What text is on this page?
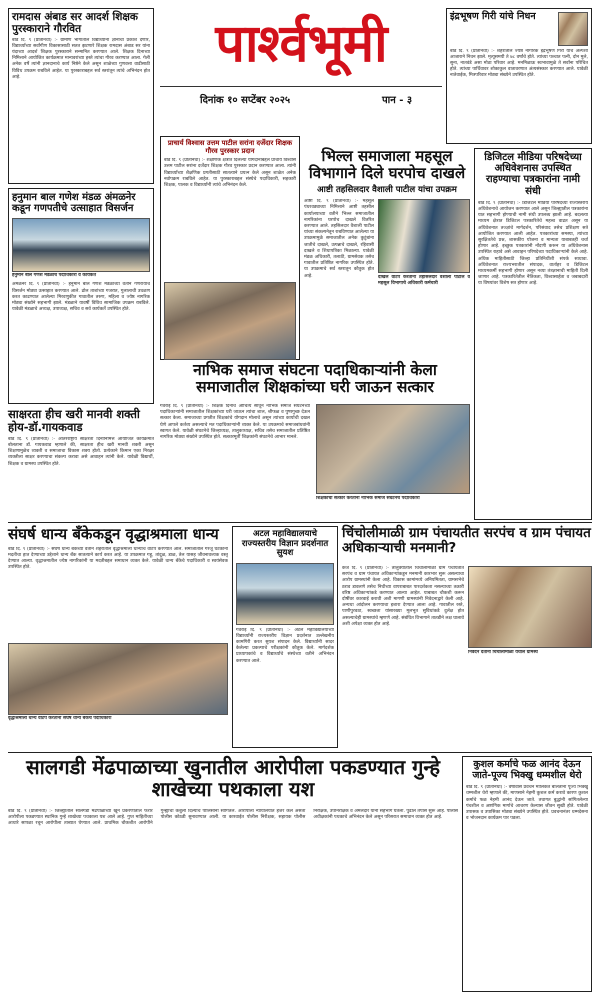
रामदास अंबाड सर आदर्श शिक्षक पुरस्काराने गौरवित
बीड दि. ९ (प्रतिनिधी) :- ग्रामीण भागातील विद्यार्थ्यांना ज्ञानाचा प्रकाश देणारे, विद्यार्थ्यांच्या सर्वांगीण विकासासाठी सतत झटणारे शिक्षक रामदास अंबाड सर यांना यंदाच्या आदर्श शिक्षक पुरस्काराने सन्मानित करण्यात आले. शिक्षक दिनाच्या निमित्ताने आयोजित कार्यक्रमात मान्यवरांच्या हस्ते त्यांचा गौरव करण्यात आला. गेली अनेक वर्षे त्यांनी ज्ञानदानाचे कार्य निष्ठेने केले असून शाळेच्या गुणवत्ता वाढीसाठी विविध उपक्रम राबविले आहेत. या पुरस्काराबद्दल सर्व स्तरांतून त्यांचे अभिनंदन होत आहे.
पार्श्वभूमी
दिनांक १० सप्टेंबर २०२५	पान - ३
इंद्रभूषण गिरी यांचे निधन
बीड दि. ९ (प्रतिनिधी) :- शहरातील ज्येष्ठ नागरिक इंद्रभूषण गिरी यांचे अल्पशा आजाराने निधन झाले. मृत्यूसमयी ते ७८ वर्षांचे होते. त्यांच्या पश्चात पत्नी, दोन मुले, सुना, नातवंडे असा मोठा परिवार आहे. मनमिळाऊ स्वभावामुळे ते सर्वांना परिचित होते. त्यांच्या पार्थिवावर शोकाकुल वातावरणात अंत्यसंस्कार करण्यात आले. यावेळी नातेवाईक, मित्रपरिवार मोठ्या संख्येने उपस्थित होते.
हनुमान बाल गणेश मंडळ अंमळनेर कडून गणपतीचे उत्साहात विसर्जन
हनुमान बाल गणेश मंडळाचे पदाधिकारी व कार्यकर्ते
अंमळनेर दि. ९ (प्रतिनिधी) :- हनुमान बाल गणेश मंडळाच्या वतीने गणरायाचे विसर्जन मोठ्या उत्साहात करण्यात आले. ढोल ताशांच्या गजरात, गुलालाची उधळण करत काढण्यात आलेल्या मिरवणुकीत गावातील तरुण, महिला व ज्येष्ठ नागरिक मोठ्या संख्येने सहभागी झाले. मंडळाने यावर्षी विविध सामाजिक उपक्रम राबविले. यावेळी मंडळाचे अध्यक्ष, उपाध्यक्ष, सचिव व सर्व कार्यकर्ते उपस्थित होते.
प्राचार्य विश्वास उत्तम पाटील सरांना दर्जेदार शिक्षक गौरव पुरस्कार प्रदान
बीड दि. ९ (प्रतिनिधी) :- शैक्षणिक क्षेत्रात दिलेल्या योगदानाबद्दल प्राचार्य विश्वास उत्तम पाटील सरांना दर्जेदार शिक्षक गौरव पुरस्कार प्रदान करण्यात आला. त्यांनी विद्यार्थ्यांच्या शैक्षणिक प्रगतीसाठी सातत्याने प्रयत्न केले असून शाळेत अनेक नवोपक्रम राबविले आहेत. या पुरस्काराबद्दल संस्थेचे पदाधिकारी, सहकारी शिक्षक, पालक व विद्यार्थ्यांनी त्यांचे अभिनंदन केले.
भिल्ल समाजाला महसूल विभागाने दिले घरपोच दाखले
आष्टी तहसिलदार वैशाली पाटील यांचा उपक्रम
आष्टी दि. ९ (प्रतिनिधी) :- महसूल पंधरवड्याच्या निमित्ताने आष्टी तहसील कार्यालयाच्या वतीने भिल्ल समाजातील नागरिकांना घरपोच दाखले वितरित करण्यात आले. तहसिलदार वैशाली पाटील यांच्या संकल्पनेतून राबविण्यात आलेल्या या उपक्रमामुळे समाजातील अनेक कुटुंबांना जातीचे दाखले, उत्पन्नाचे दाखले, रहिवासी दाखले व शिधापत्रिका मिळाल्या. यावेळी मंडळ अधिकारी, तलाठी, ग्रामसेवक तसेच गावातील प्रतिष्ठित नागरिक उपस्थित होते. या उपक्रमाचे सर्व स्तरातून कौतुक होत आहे.	दाखले वाटप करताना तहसिलदार वैशाली पाटील व महसूल विभागाचे अधिकारी कर्मचारी
डिजिटल मीडिया परिषदेच्या अधिवेशनास उपस्थित राहण्याचा पत्रकारांना नामी संधी
बीड दि. ९ (प्रतिनिधी) :- डिजिटल मीडिया परिषदेच्या राज्यस्तरीय अधिवेशनाचे आयोजन करण्यात आले असून जिल्ह्यातील पत्रकारांना यात सहभागी होण्याची नामी संधी उपलब्ध झाली आहे. बदलत्या माध्यम क्षेत्रात डिजिटल पत्रकारितेचे महत्त्व वाढत असून या अधिवेशनात तज्ज्ञांचे मार्गदर्शन, परिसंवाद तसेच प्रशिक्षण सत्रे आयोजित करण्यात आली आहेत. पत्रकारांच्या समस्या, त्यांच्या सुरक्षिततेचे प्रश्न, शासकीय योजना व मान्यता याबाबतही चर्चा होणार आहे. इच्छुक पत्रकारांनी नोंदणी करून या अधिवेशनास उपस्थित राहावे असे आवाहन परिषदेच्या पदाधिकाऱ्यांनी केले आहे. अधिक माहितीसाठी जिल्हा प्रतिनिधींशी संपर्क साधावा. अधिवेशनात राज्यभरातील संपादक, वार्ताहर व डिजिटल माध्यमकर्मी सहभागी होणार असून नव्या तंत्रज्ञानाची माहिती दिली जाणार आहे. पत्रकारितेतील नैतिकता, विश्वासार्हता व जबाबदारी या विषयांवर विशेष सत्र होणार आहे.
नाभिक समाज संघटना पदाधिकाऱ्यांनी केला समाजातील शिक्षकांच्या घरी जाऊन सत्कार
गेवराई दि. ९ (प्रतिनिधी) :- शिक्षक दिनाचे औचित्य साधून नाभिक समाज संघटनेच्या पदाधिकाऱ्यांनी समाजातील शिक्षकांच्या घरी जाऊन त्यांचा शाल, श्रीफळ व पुष्पगुच्छ देऊन सत्कार केला. समाजाच्या प्रगतीत शिक्षकांचे योगदान मोलाचे असून त्यांच्या कार्याची दखल घेणे आपले कर्तव्य असल्याचे मत पदाधिकाऱ्यांनी व्यक्त केले. या उपक्रमाचे समाजबांधवांनी स्वागत केले. यावेळी संघटनेचे जिल्हाध्यक्ष, तालुकाध्यक्ष, सचिव तसेच समाजातील प्रतिष्ठित नागरिक मोठ्या संख्येने उपस्थित होते. सत्कारमूर्ती शिक्षकांनी संघटनेचे आभार मानले.
शिक्षकांचा सत्कार करताना नाभिक समाज संघटनेचे पदाधिकारी
साक्षरता हीच खरी मानवी शक्ती होय-डॉ.गायकवाड
बीड दि. ९ (प्रतिनिधी) :- आंतरराष्ट्रीय साक्षरता दिनानिमित्त आयोजित कार्यक्रमात बोलताना डॉ. गायकवाड म्हणाले की, साक्षरता हीच खरी मानवी शक्ती असून शिक्षणामुळेच व्यक्ती व समाजाचा विकास शक्य होतो. प्रत्येकाने किमान एका निरक्षर व्यक्तीला साक्षर करण्याचा संकल्प करावा असे आवाहन त्यांनी केले. यावेळी विद्यार्थी, शिक्षक व ग्रामस्थ उपस्थित होते.
संघर्ष धान्य बँकेकडून वृद्धाश्रमाला धान्य
बीड दि. ९ (प्रतिनिधी) :- संघर्ष धान्य बँकेच्या वतीने शहरातील वृद्धाश्रमाला धान्याचे वाटप करण्यात आले. समाजातील गरजू घटकांना मदतीचा हात देण्याच्या उद्देशाने धान्य बँक सातत्याने कार्य करत आहे. या उपक्रमात गहू, तांदूळ, डाळ, तेल यासह जीवनावश्यक वस्तू देण्यात आल्या. वृद्धाश्रमातील ज्येष्ठ नागरिकांनी या मदतीबद्दल समाधान व्यक्त केले. यावेळी धान्य बँकेचे पदाधिकारी व स्वयंसेवक उपस्थित होते.
वृद्धाश्रमाला धान्य वाटप करताना संघर्ष धान्य बँकेचे पदाधिकारी
अटल महाविद्यालयाचे राज्यस्तरीय विज्ञान प्रदर्शनात सुयश
गेवराई दि. ९ (प्रतिनिधी) :- अटल महाविद्यालयाच्या विद्यार्थ्यांनी राज्यस्तरीय विज्ञान प्रदर्शनात उल्लेखनीय कामगिरी करत सुयश संपादन केले. विद्यार्थ्यांनी सादर केलेल्या प्रकल्पाचे परीक्षकांनी कौतुक केले. मार्गदर्शक प्राध्यापकांचे व विद्यार्थ्यांचे संस्थेच्या वतीने अभिनंदन करण्यात आले.
चिंचोलीमाळी ग्राम पंचायतीत सरपंच व ग्राम पंचायत अधिकाऱ्याची मनमानी?
केज दि. ९ (प्रतिनिधी) :- तालुक्यातील चिंचोलीमाळी ग्राम पंचायतीत सरपंच व ग्राम पंचायत अधिकाऱ्यांकडून मनमानी कारभार सुरू असल्याचा आरोप ग्रामस्थांनी केला आहे. विकास कामांमध्ये अनियमितता, ग्रामसभेचे ठराव डावलणे तसेच निधीच्या वापराबाबत पारदर्शकता नसल्याच्या तक्रारी वरिष्ठ अधिकाऱ्यांकडे करण्यात आल्या आहेत. याबाबत चौकशी करून दोषींवर कारवाई करावी अशी मागणी ग्रामस्थांनी निवेदनाद्वारे केली आहे. अन्यथा आंदोलन करण्याचा इशारा देण्यात आला आहे. गावातील रस्ते, पाणीपुरवठा, स्वच्छता यांसारख्या मूलभूत सुविधांकडे दुर्लक्ष होत असल्याचेही ग्रामस्थांचे म्हणणे आहे. संबंधित विभागाने तातडीने लक्ष घालावे अशी अपेक्षा व्यक्त होत आहे.
निवेदन देताना चिंचोलीमाळी येथील ग्रामस्थ
सालगडी मेंढपाळाच्या खुनातील आरोपीला पकडण्यात गुन्हे शाखेच्या पथकाला यश
बीड दि. ९ (प्रतिनिधी) :- जिल्ह्यातील सालगडी मेंढपाळाच्या खून प्रकरणातील फरार आरोपीला पकडण्यात स्थानिक गुन्हे शाखेच्या पथकाला यश आले आहे. गुप्त माहितीच्या आधारे सापळा रचून आरोपीला ताब्यात घेण्यात आले. प्राथमिक चौकशीत आरोपीने गुन्ह्याची कबुली दिल्याचे पोलिसांनी सांगितले. आरोपीला न्यायालयात हजर केले असता पोलीस कोठडी सुनावण्यात आली. या कारवाईत पोलीस निरीक्षक, सहायक पोलीस निरीक्षक, उपनिरीक्षक व अंमलदार यांनी सहभाग घेतला. पुढील तपास सुरू आहे. पोलीस अधीक्षकांनी पथकाचे अभिनंदन केले असून परिसरात समाधान व्यक्त होत आहे.
कुशल कर्माचे फळ आनंद देऊन जाते-पूज्य भिक्खु धम्मशील थेरो
बीड दि. ९ (प्रतिनिधी) :- वर्षावास प्रवचन मालिकेत बोलताना पूज्य भिक्खु धम्मशील थेरो म्हणाले की, माणसाने नेहमी कुशल कर्म करावे कारण कुशल कर्माचे फळ नेहमी आनंद देऊन जाते. तथागत बुद्धांनी सांगितलेल्या पंचशील व अष्टांगिक मार्गाचे आचरण केल्यास जीवन सुखी होते. यावेळी उपासक व उपासिका मोठ्या संख्येने उपस्थित होते. प्रवचनानंतर धम्मदेसना व भोजनदान कार्यक्रम पार पडला.
